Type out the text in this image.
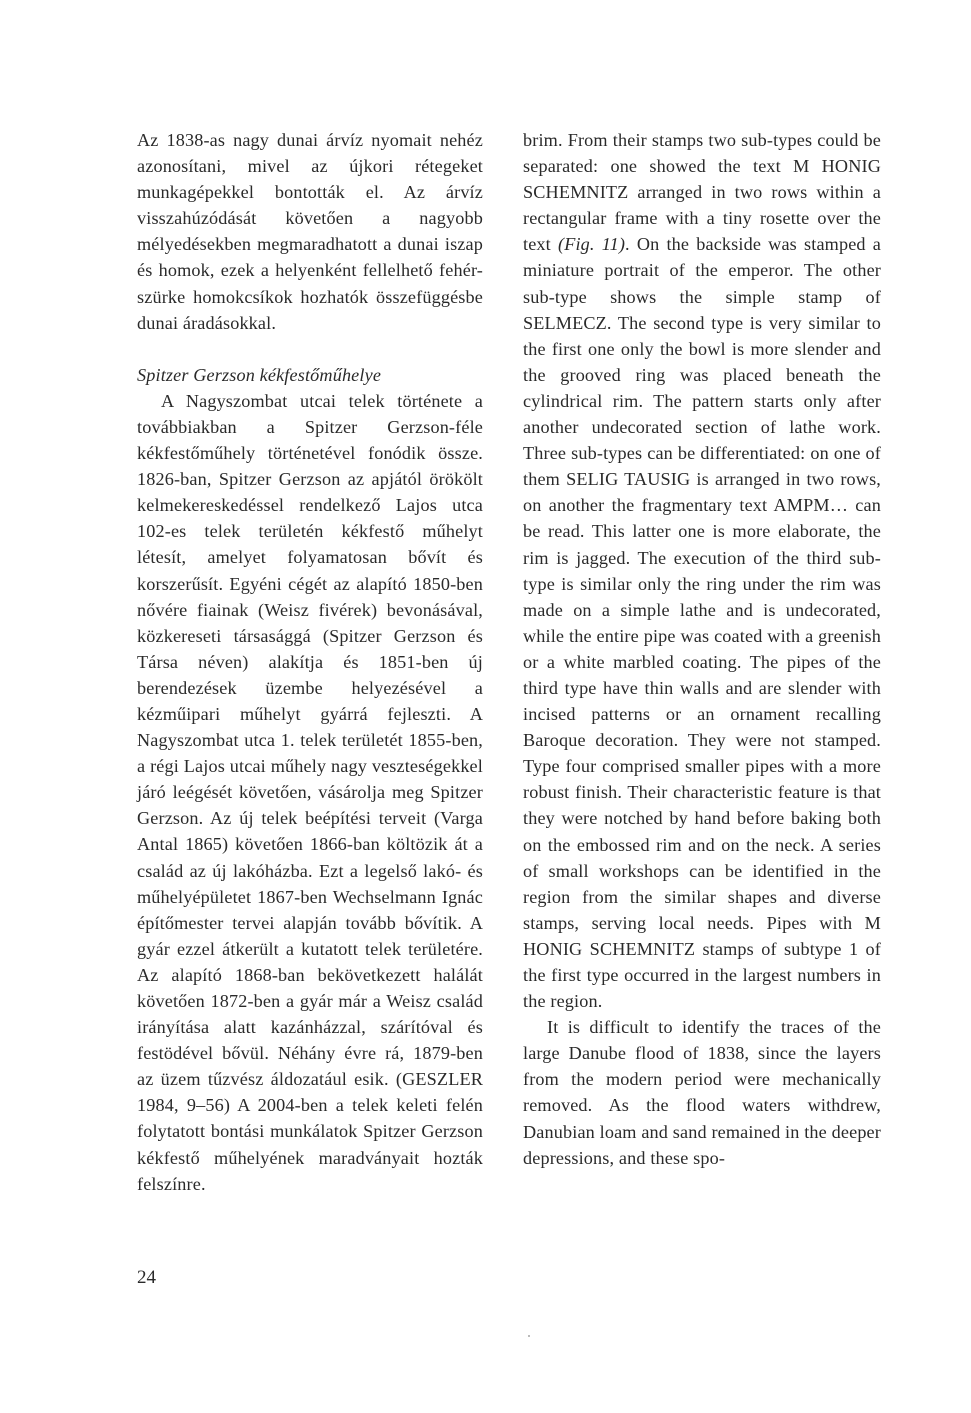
Az 1838-as nagy dunai árvíz nyomait nehéz azonosítani, mivel az újkori rétegeket munkagépekkel bontották el. Az árvíz visszahúzódását követően a nagyobb mélyedésekben megmaradhatott a dunai iszap és homok, ezek a helyenként fellelhető fehér-szürke homokcsíkok hozhatók összefüggésbe dunai áradásokkal.

Spitzer Gerzson kékfestőműhelye

A Nagyszombat utcai telek története a továbbiakban a Spitzer Gerzson-féle kékfestőműhely történetével fonódik össze. 1826-ban, Spitzer Gerzson az apjától örökölt kelmekereskedéssel rendelkező Lajos utca 102-es telek területén kékfestő műhelyt létesít, amelyet folyamatosan bővít és korszerűsít. Egyéni cégét az alapító 1850-ben nővére fiainak (Weisz fivérek) bevonásával, közkereseti társasággá (Spitzer Gerzson és Társa néven) alakítja és 1851-ben új berendezések üzembe helyezésével a kézműipari műhelyt gyárrá fejleszti. A Nagyszombat utca 1. telek területét 1855-ben, a régi Lajos utcai műhely nagy veszteségekkel járó leégését követően, vásárolja meg Spitzer Gerzson. Az új telek beépítési terveit (Varga Antal 1865) követően 1866-ban költözik át a család az új lakóházba. Ezt a legelső lakó- és műhelyépületet 1867-ben Wechselmann Ignác építőmester tervei alapján tovább bővítik. A gyár ezzel átkerült a kutatott telek területére. Az alapító 1868-ban bekövetkezett halálát követően 1872-ben a gyár már a Weisz család irányítása alatt kazánházzal, szárítóval és festödével bővül. Néhány évre rá, 1879-ben az üzem tűzvész áldozatául esik. (GESZLER 1984, 9–56) A 2004-ben a telek keleti felén folytatott bontási munkálatok Spitzer Gerzson kékfestő műhelyének maradványait hozták felszínre.

brim. From their stamps two sub-types could be separated: one showed the text M HONIG SCHEMNITZ arranged in two rows within a rectangular frame with a tiny rosette over the text (Fig. 11). On the backside was stamped a miniature portrait of the emperor. The other sub-type shows the simple stamp of SELMECZ. The second type is very similar to the first one only the bowl is more slender and the grooved ring was placed beneath the cylindrical rim. The pattern starts only after another undecorated section of lathe work. Three sub-types can be differentiated: on one of them SELIG TAUSIG is arranged in two rows, on another the fragmentary text AMPM… can be read. This latter one is more elaborate, the rim is jagged. The execution of the third sub-type is similar only the ring under the rim was made on a simple lathe and is undecorated, while the entire pipe was coated with a greenish or a white marbled coating. The pipes of the third type have thin walls and are slender with incised patterns or an ornament recalling Baroque decoration. They were not stamped. Type four comprised smaller pipes with a more robust finish. Their characteristic feature is that they were notched by hand before baking both on the embossed rim and on the neck. A series of small workshops can be identified in the region from the similar shapes and diverse stamps, serving local needs. Pipes with M HONIG SCHEMNITZ stamps of subtype 1 of the first type occurred in the largest numbers in the region.

It is difficult to identify the traces of the large Danube flood of 1838, since the layers from the modern period were mechanically removed. As the flood waters withdrew, Danubian loam and sand remained in the deeper depressions, and these spo-

24
